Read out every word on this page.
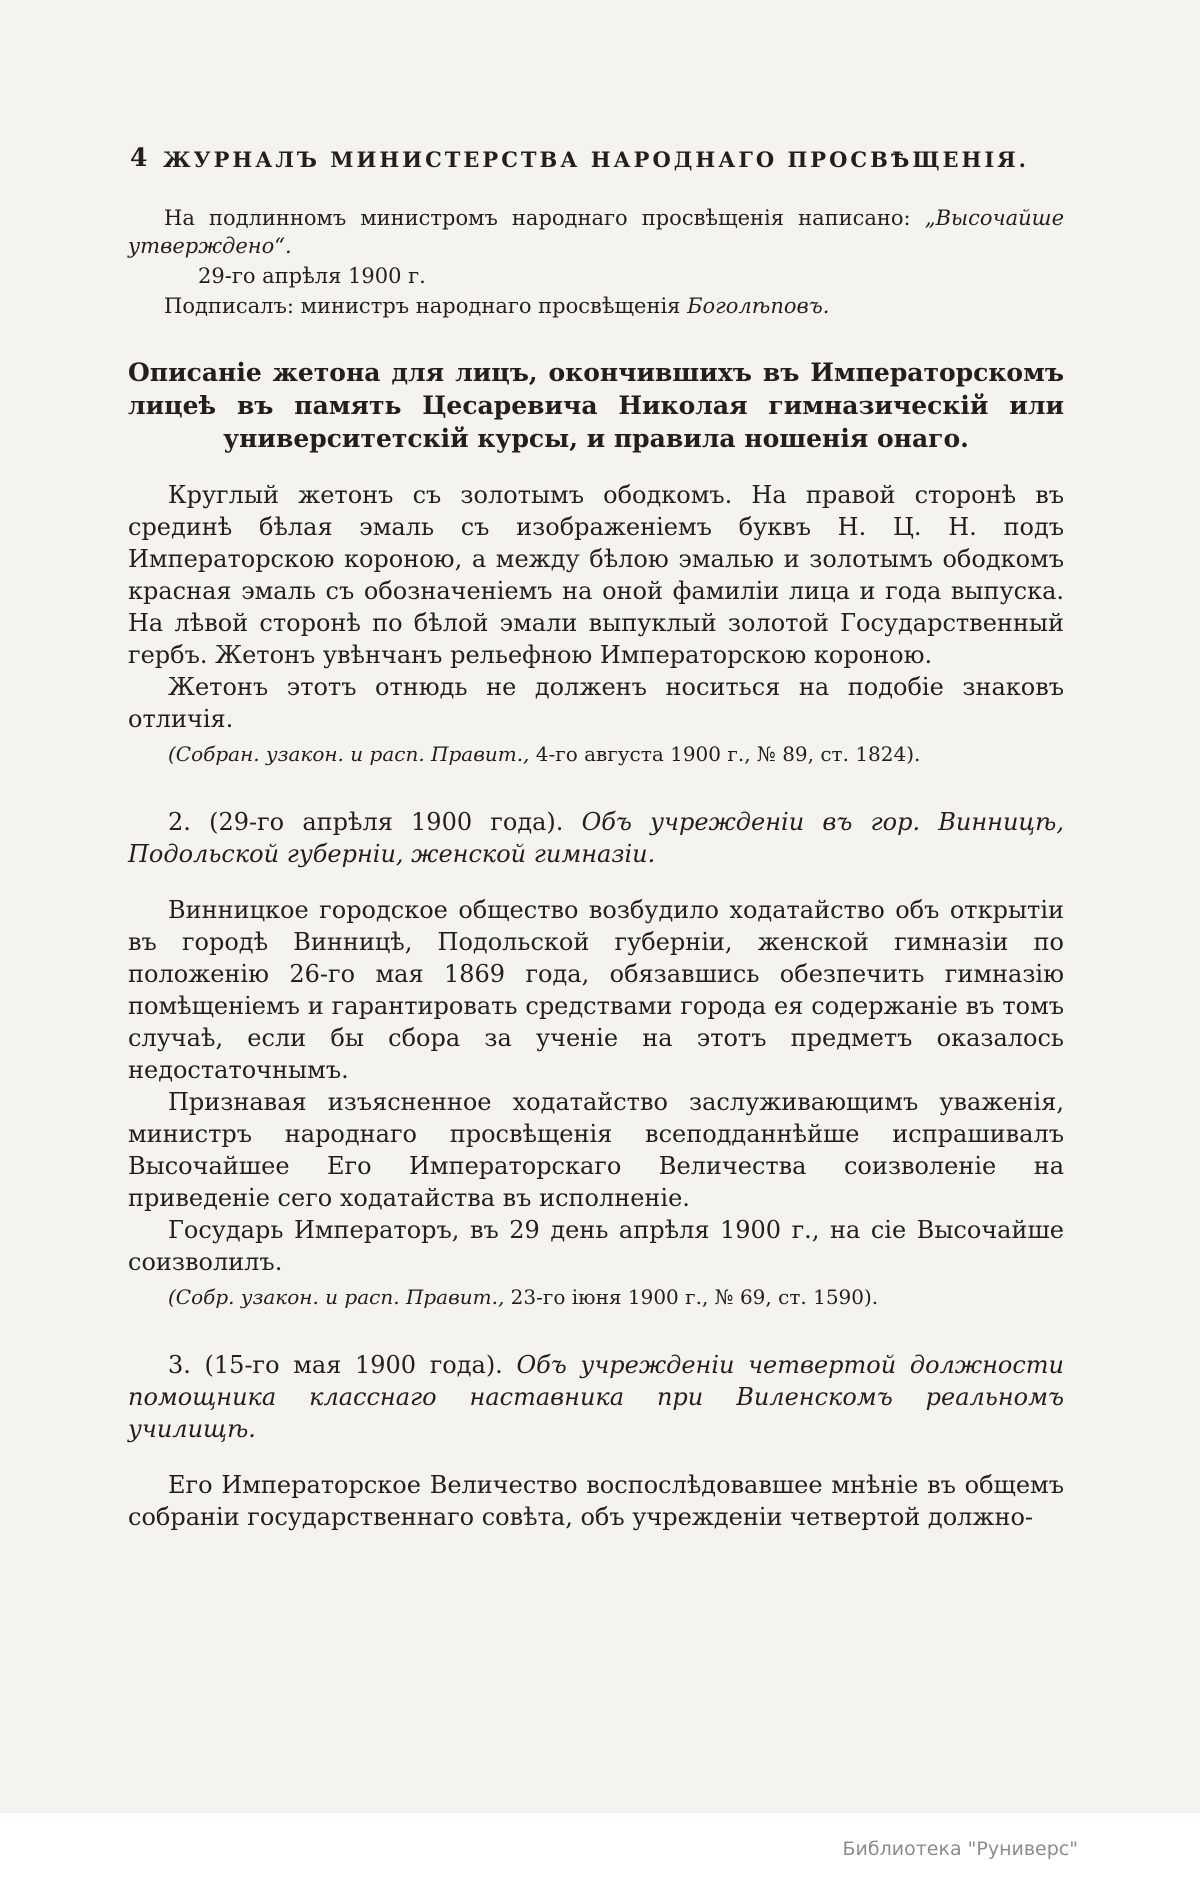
4 ЖУРНАЛЪ МИНИСТЕРСТВА НАРОДНАГО ПРОСВѢЩЕНІЯ.

На подлинномъ министромъ народнаго просвѣщенія написано: „Высочайше утверждено“.

29-го апрѣля 1900 г.

Подписалъ: министръ народнаго просвѣщенія Боголѣповъ.

Описаніе жетона для лицъ, окончившихъ въ Императорскомъ лицеѣ въ память Цесаревича Николая гимназическій или университетскій курсы, и правила ношенія онаго.

Круглый жетонъ съ золотымъ ободкомъ. На правой сторонѣ въ срединѣ бѣлая эмаль съ изображеніемъ буквъ Н. Ц. Н. подъ Императорскою короною, а между бѣлою эмалью и золотымъ ободкомъ красная эмаль съ обозначеніемъ на оной фамиліи лица и года выпуска. На лѣвой сторонѣ по бѣлой эмали выпуклый золотой Государственный гербъ. Жетонъ увѣнчанъ рельефною Императорскою короною.

Жетонъ этотъ отнюдь не долженъ носиться на подобіе знаковъ отличія.

(Собран. узакон. и расп. Правит., 4-го августа 1900 г., № 89, ст. 1824).

2. (29-го апрѣля 1900 года). Объ учрежденіи въ гор. Винницѣ, Подольской губерніи, женской гимназіи.

Винницкое городское общество возбудило ходатайство объ открытіи въ городѣ Винницѣ, Подольской губерніи, женской гимназіи по положенію 26-го мая 1869 года, обязавшись обезпечить гимназію помѣщеніемъ и гарантировать средствами города ея содержаніе въ томъ случаѣ, если бы сбора за ученіе на этотъ предметъ оказалось недостаточнымъ.

Признавая изъясненное ходатайство заслуживающимъ уваженія, министръ народнаго просвѣщенія всеподданнѣйше испрашивалъ Высочайшее Его Императорскаго Величества соизволеніе на приведеніе сего ходатайства въ исполненіе.

Государь Императоръ, въ 29 день апрѣля 1900 г., на сіе Высочайше соизволилъ.

(Собр. узакон. и расп. Правит., 23-го іюня 1900 г., № 69, ст. 1590).

3. (15-го мая 1900 года). Объ учрежденіи четвертой должности помощника класснаго наставника при Виленскомъ реальномъ училищѣ.

Его Императорское Величество воспослѣдовавшее мнѣніе въ общемъ собраніи государственнаго совѣта, объ учрежденіи четвертой должно-

Библиотека "Руниверс"
